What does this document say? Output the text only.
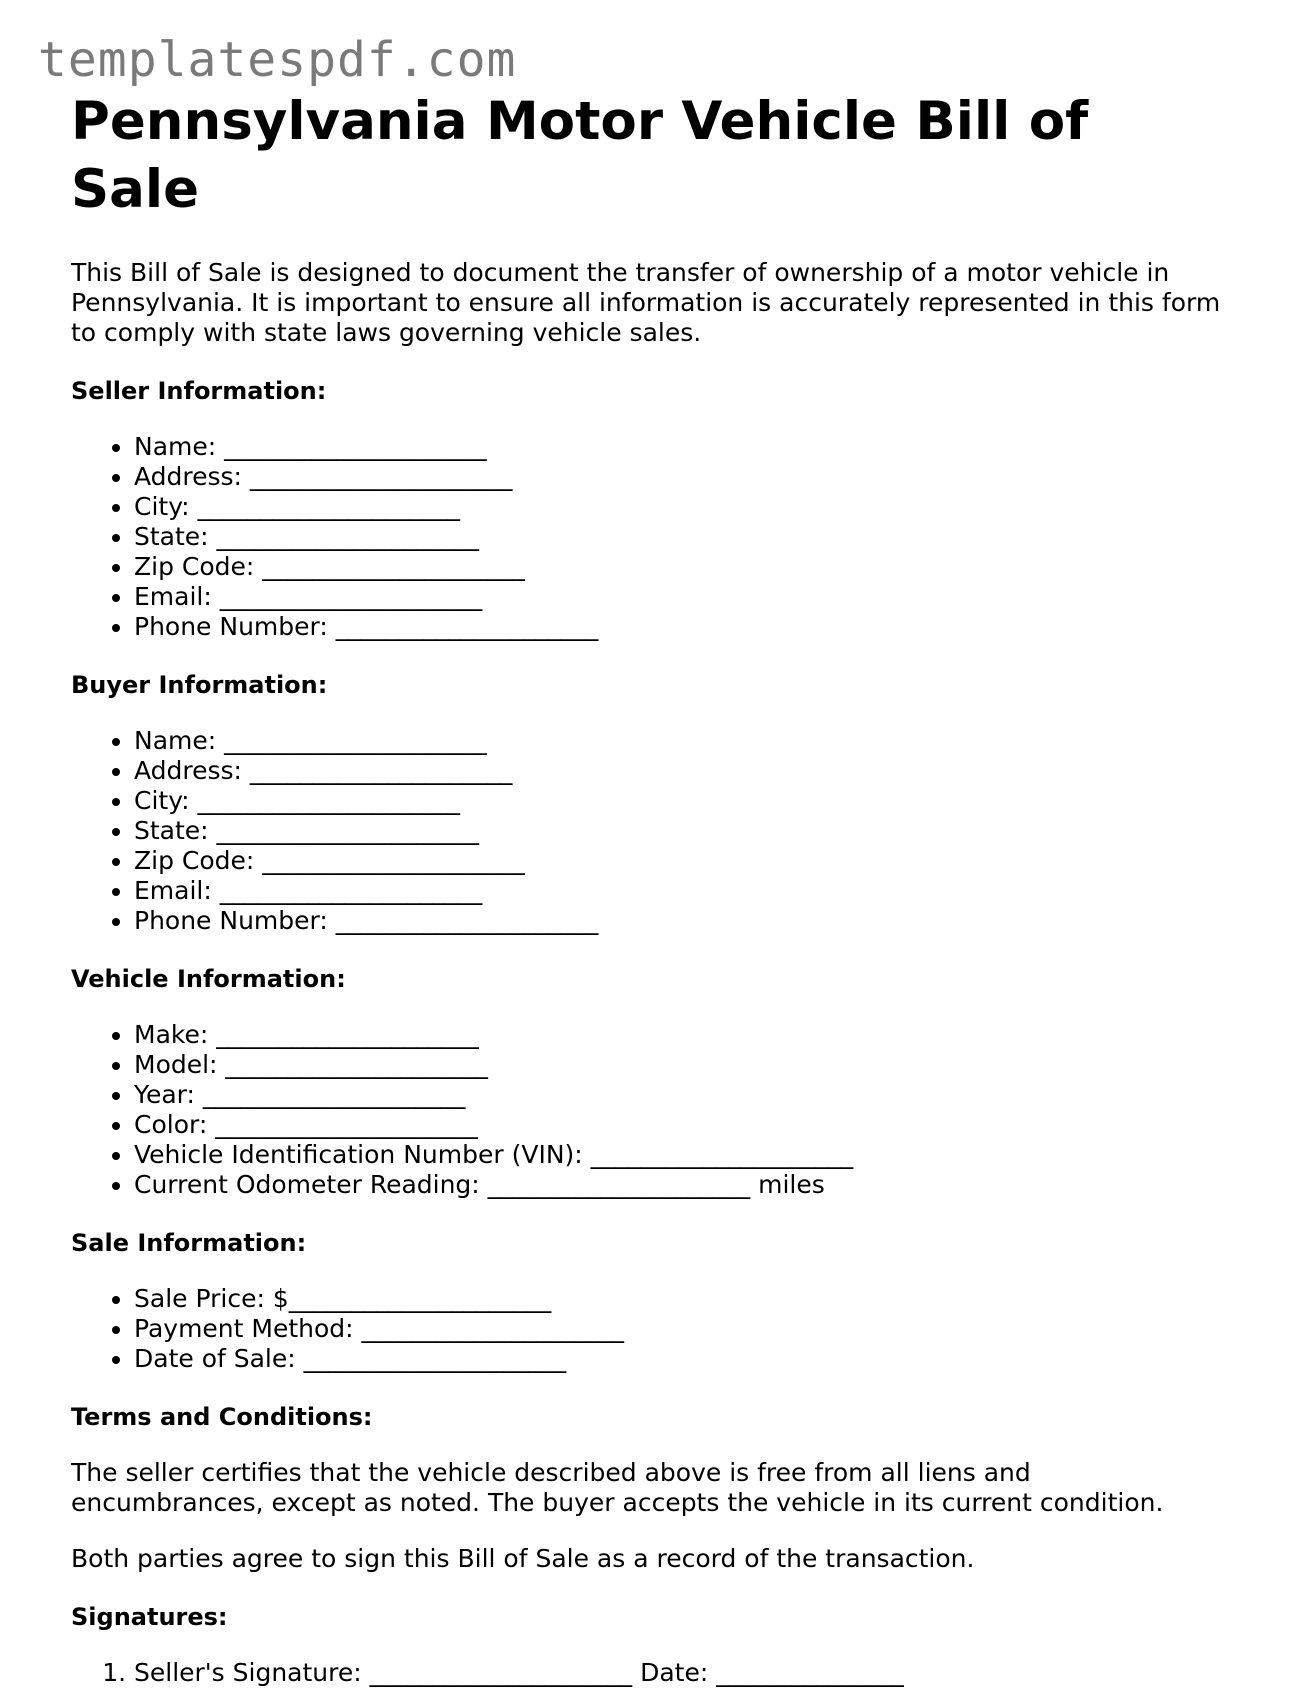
templatespdf.com
Pennsylvania Motor Vehicle Bill of Sale

This Bill of Sale is designed to document the transfer of ownership of a motor vehicle in Pennsylvania. It is important to ensure all information is accurately represented in this form to comply with state laws governing vehicle sales.

Seller Information:
• Name: _____________________
• Address: _____________________
• City: _____________________
• State: _____________________
• Zip Code: _____________________
• Email: _____________________
• Phone Number: _____________________
Buyer Information:
• Name: _____________________
• Address: _____________________
• City: _____________________
• State: _____________________
• Zip Code: _____________________
• Email: _____________________
• Phone Number: _____________________
Vehicle Information:
• Make: _____________________
• Model: _____________________
• Year: _____________________
• Color: _____________________
• Vehicle Identification Number (VIN): _____________________
• Current Odometer Reading: _____________________ miles
Sale Information:
• Sale Price: $_____________________
• Payment Method: _____________________
• Date of Sale: _____________________
Terms and Conditions:

The seller certifies that the vehicle described above is free from all liens and encumbrances, except as noted. The buyer accepts the vehicle in its current condition.

Both parties agree to sign this Bill of Sale as a record of the transaction.

Signatures:
1. Seller's Signature: _____________________ Date: _______________
